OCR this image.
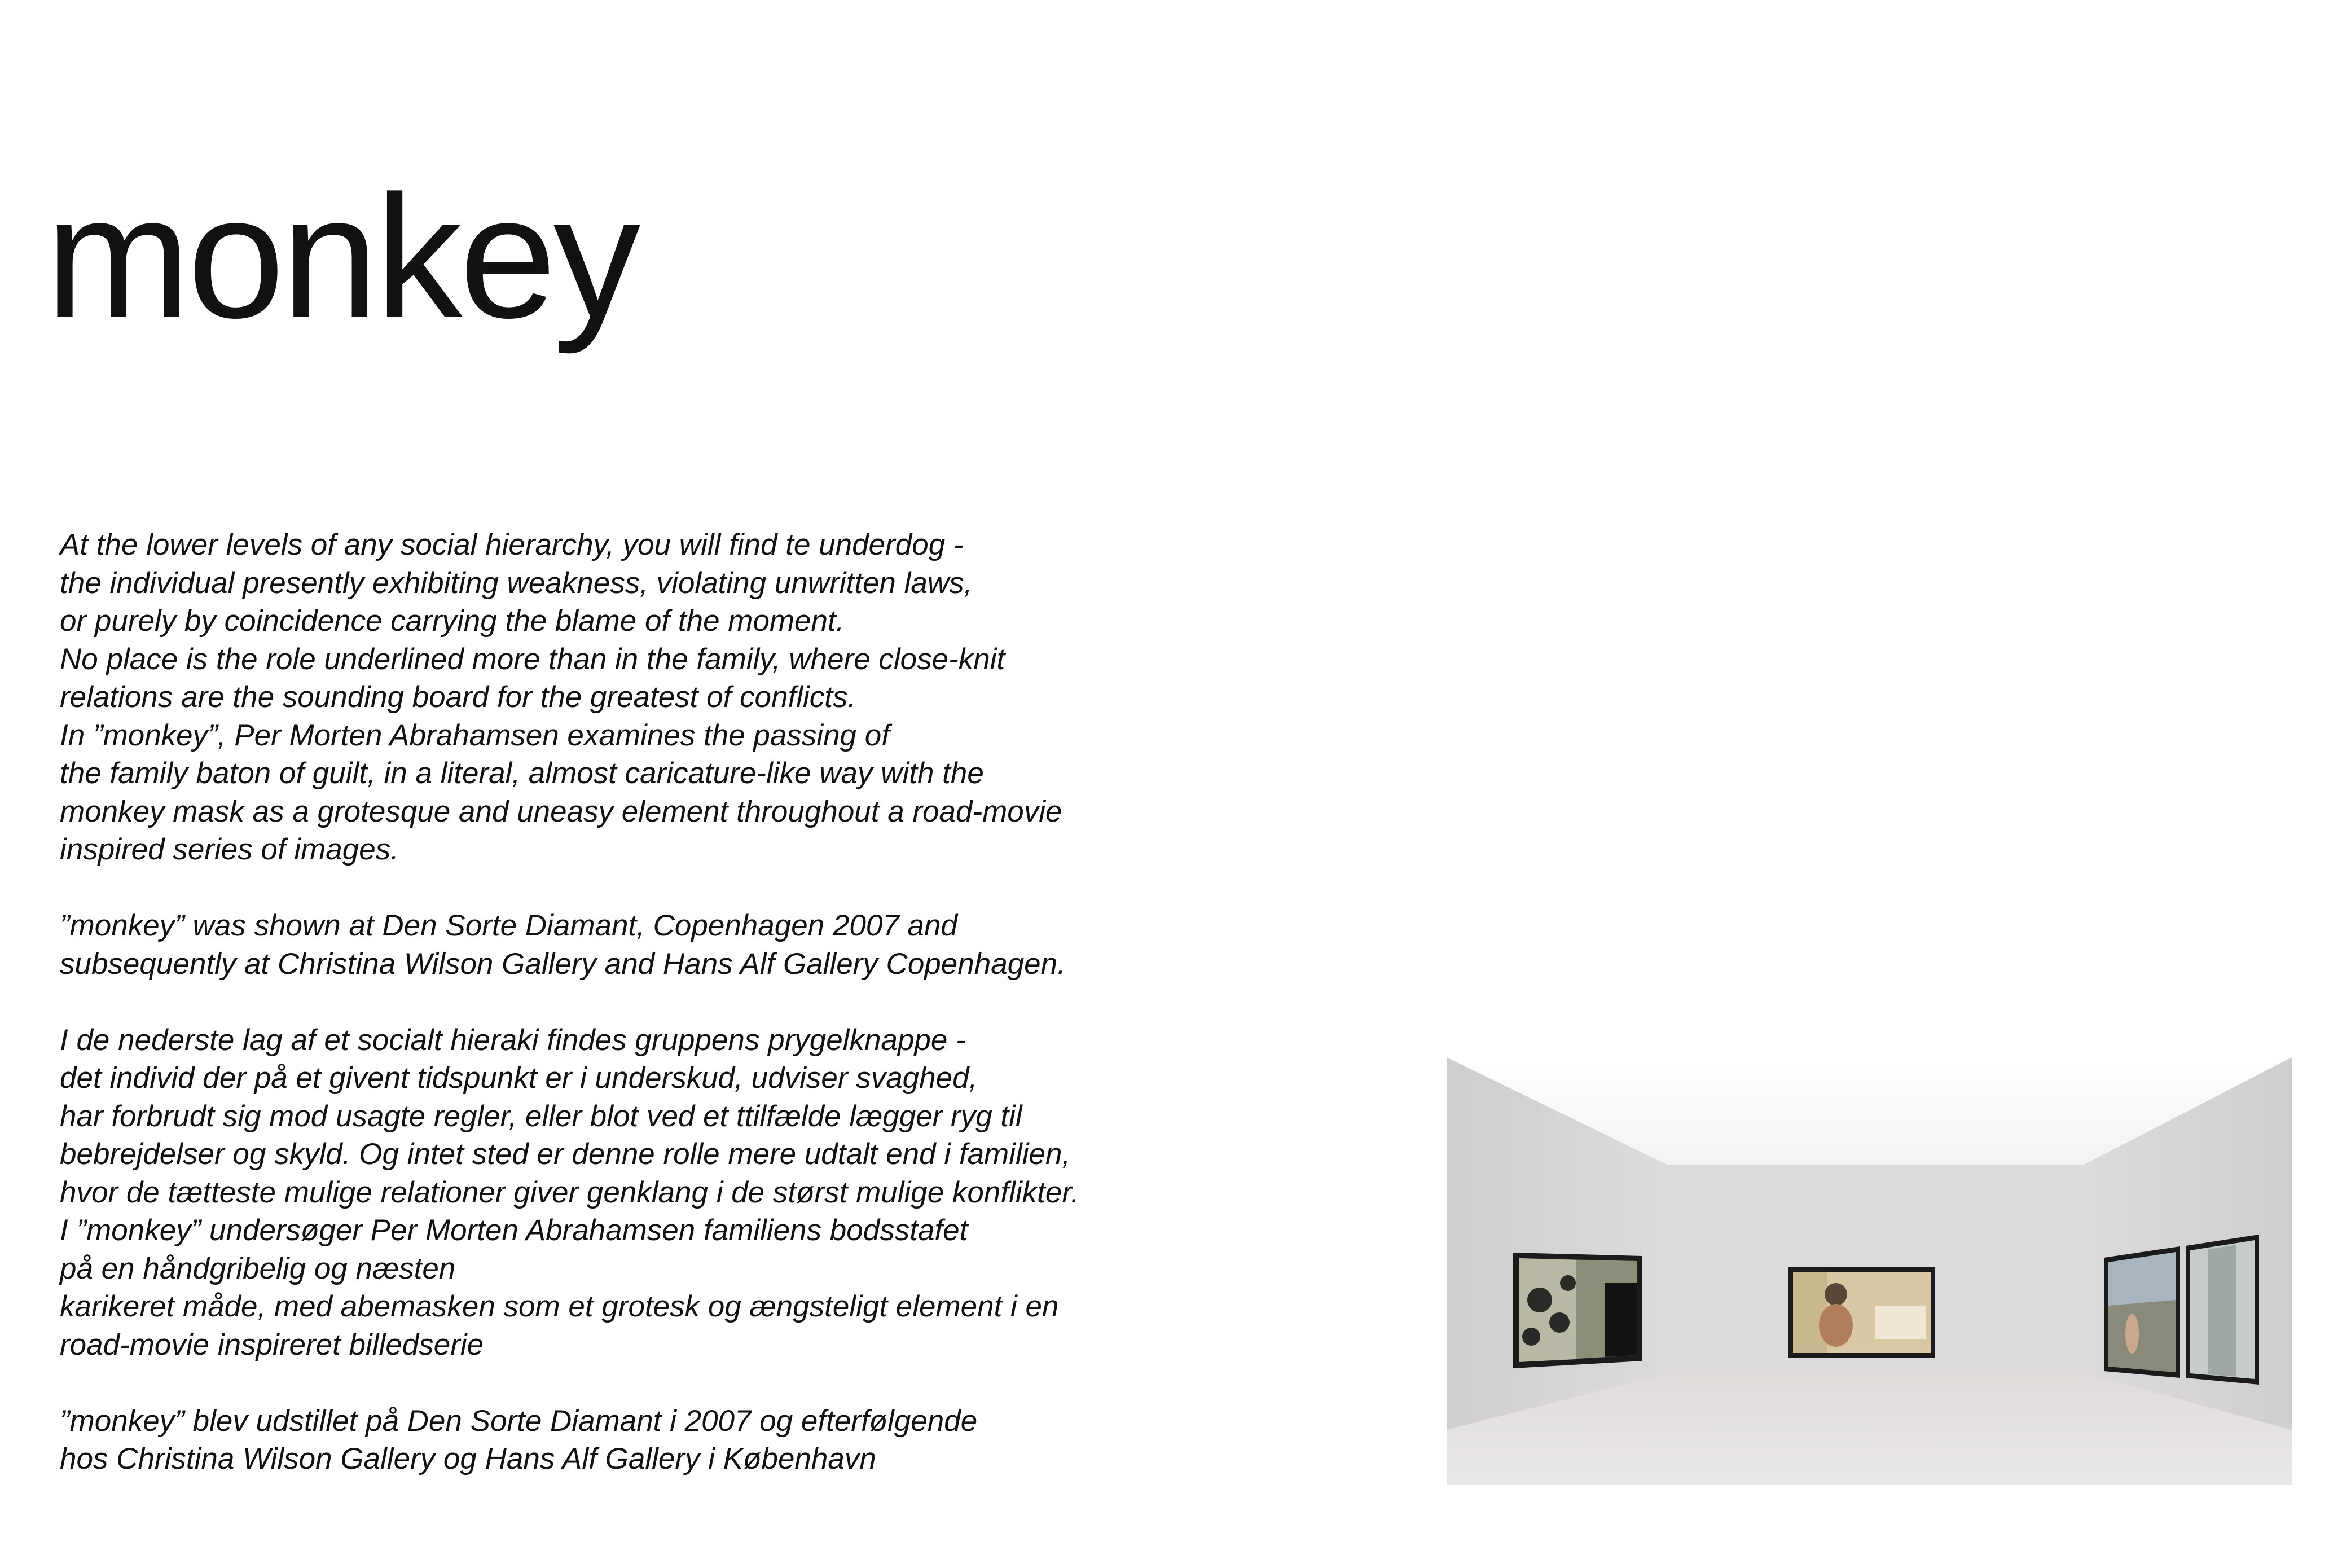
monkey

At the lower levels of any social hierarchy, you will find te underdog -
the individual presently exhibiting weakness, violating unwritten laws,
or purely by coincidence carrying the blame of the moment.
No place is the role underlined more than in the family, where close-knit
relations are the sounding board for the greatest of conflicts.
In ”monkey”, Per Morten Abrahamsen examines the passing of
the family baton of guilt, in a literal, almost caricature-like way with the
monkey mask as a grotesque and uneasy element throughout a road-movie
inspired series of images.

”monkey” was shown at Den Sorte Diamant, Copenhagen 2007 and
subsequently at Christina Wilson Gallery and Hans Alf Gallery Copenhagen.

I de nederste lag af et socialt hieraki findes gruppens prygelknappe -
det individ der på et givent tidspunkt er i underskud, udviser svaghed,
har forbrudt sig mod usagte regler, eller blot ved et ttilfælde lægger ryg til
bebrejdelser og skyld. Og intet sted er denne rolle mere udtalt end i familien,
hvor de tætteste mulige relationer giver genklang i de størst mulige konflikter.
I ”monkey” undersøger Per Morten Abrahamsen familiens bodsstafet
på en håndgribelig og næsten
karikeret måde, med abemasken som et grotesk og ængsteligt element i en
road-movie inspireret billedserie

”monkey” blev udstillet på Den Sorte Diamant i 2007 og efterfølgende
hos Christina Wilson Gallery og Hans Alf Gallery i København
